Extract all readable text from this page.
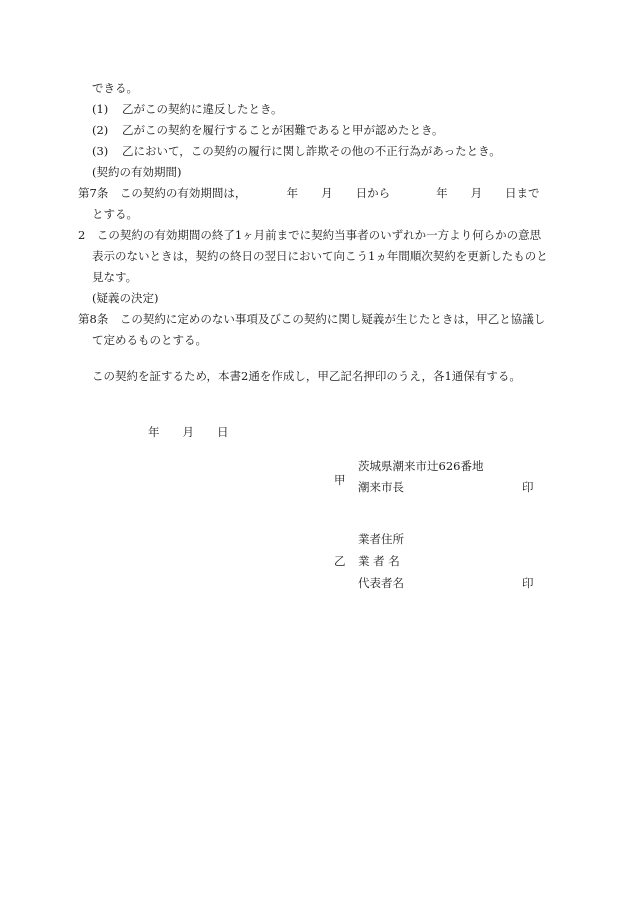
できる。
(1) 乙がこの契約に違反したとき。
(2) 乙がこの契約を履行することが困難であると甲が認めたとき。
(3) 乙において，この契約の履行に関し詐欺その他の不正行為があったとき。
(契約の有効期間)
第7条　この契約の有効期間は，　　　　年　　月　　日から　　　　年　　月　　日まで
とする。
2　この契約の有効期間の終了1ヶ月前までに契約当事者のいずれか一方より何らかの意思
表示のないときは，契約の終日の翌日において向こう1ヵ年間順次契約を更新したものと
見なす。
(疑義の決定)
第8条　この契約に定めのない事項及びこの契約に関し疑義が生じたときは，甲乙と協議し
て定めるものとする。
この契約を証するため，本書2通を作成し，甲乙記名押印のうえ，各1通保有する。
年　　月　　日
甲
茨城県潮来市辻626番地
潮来市長	印
乙
業者住所
業 者 名
代表者名	印
